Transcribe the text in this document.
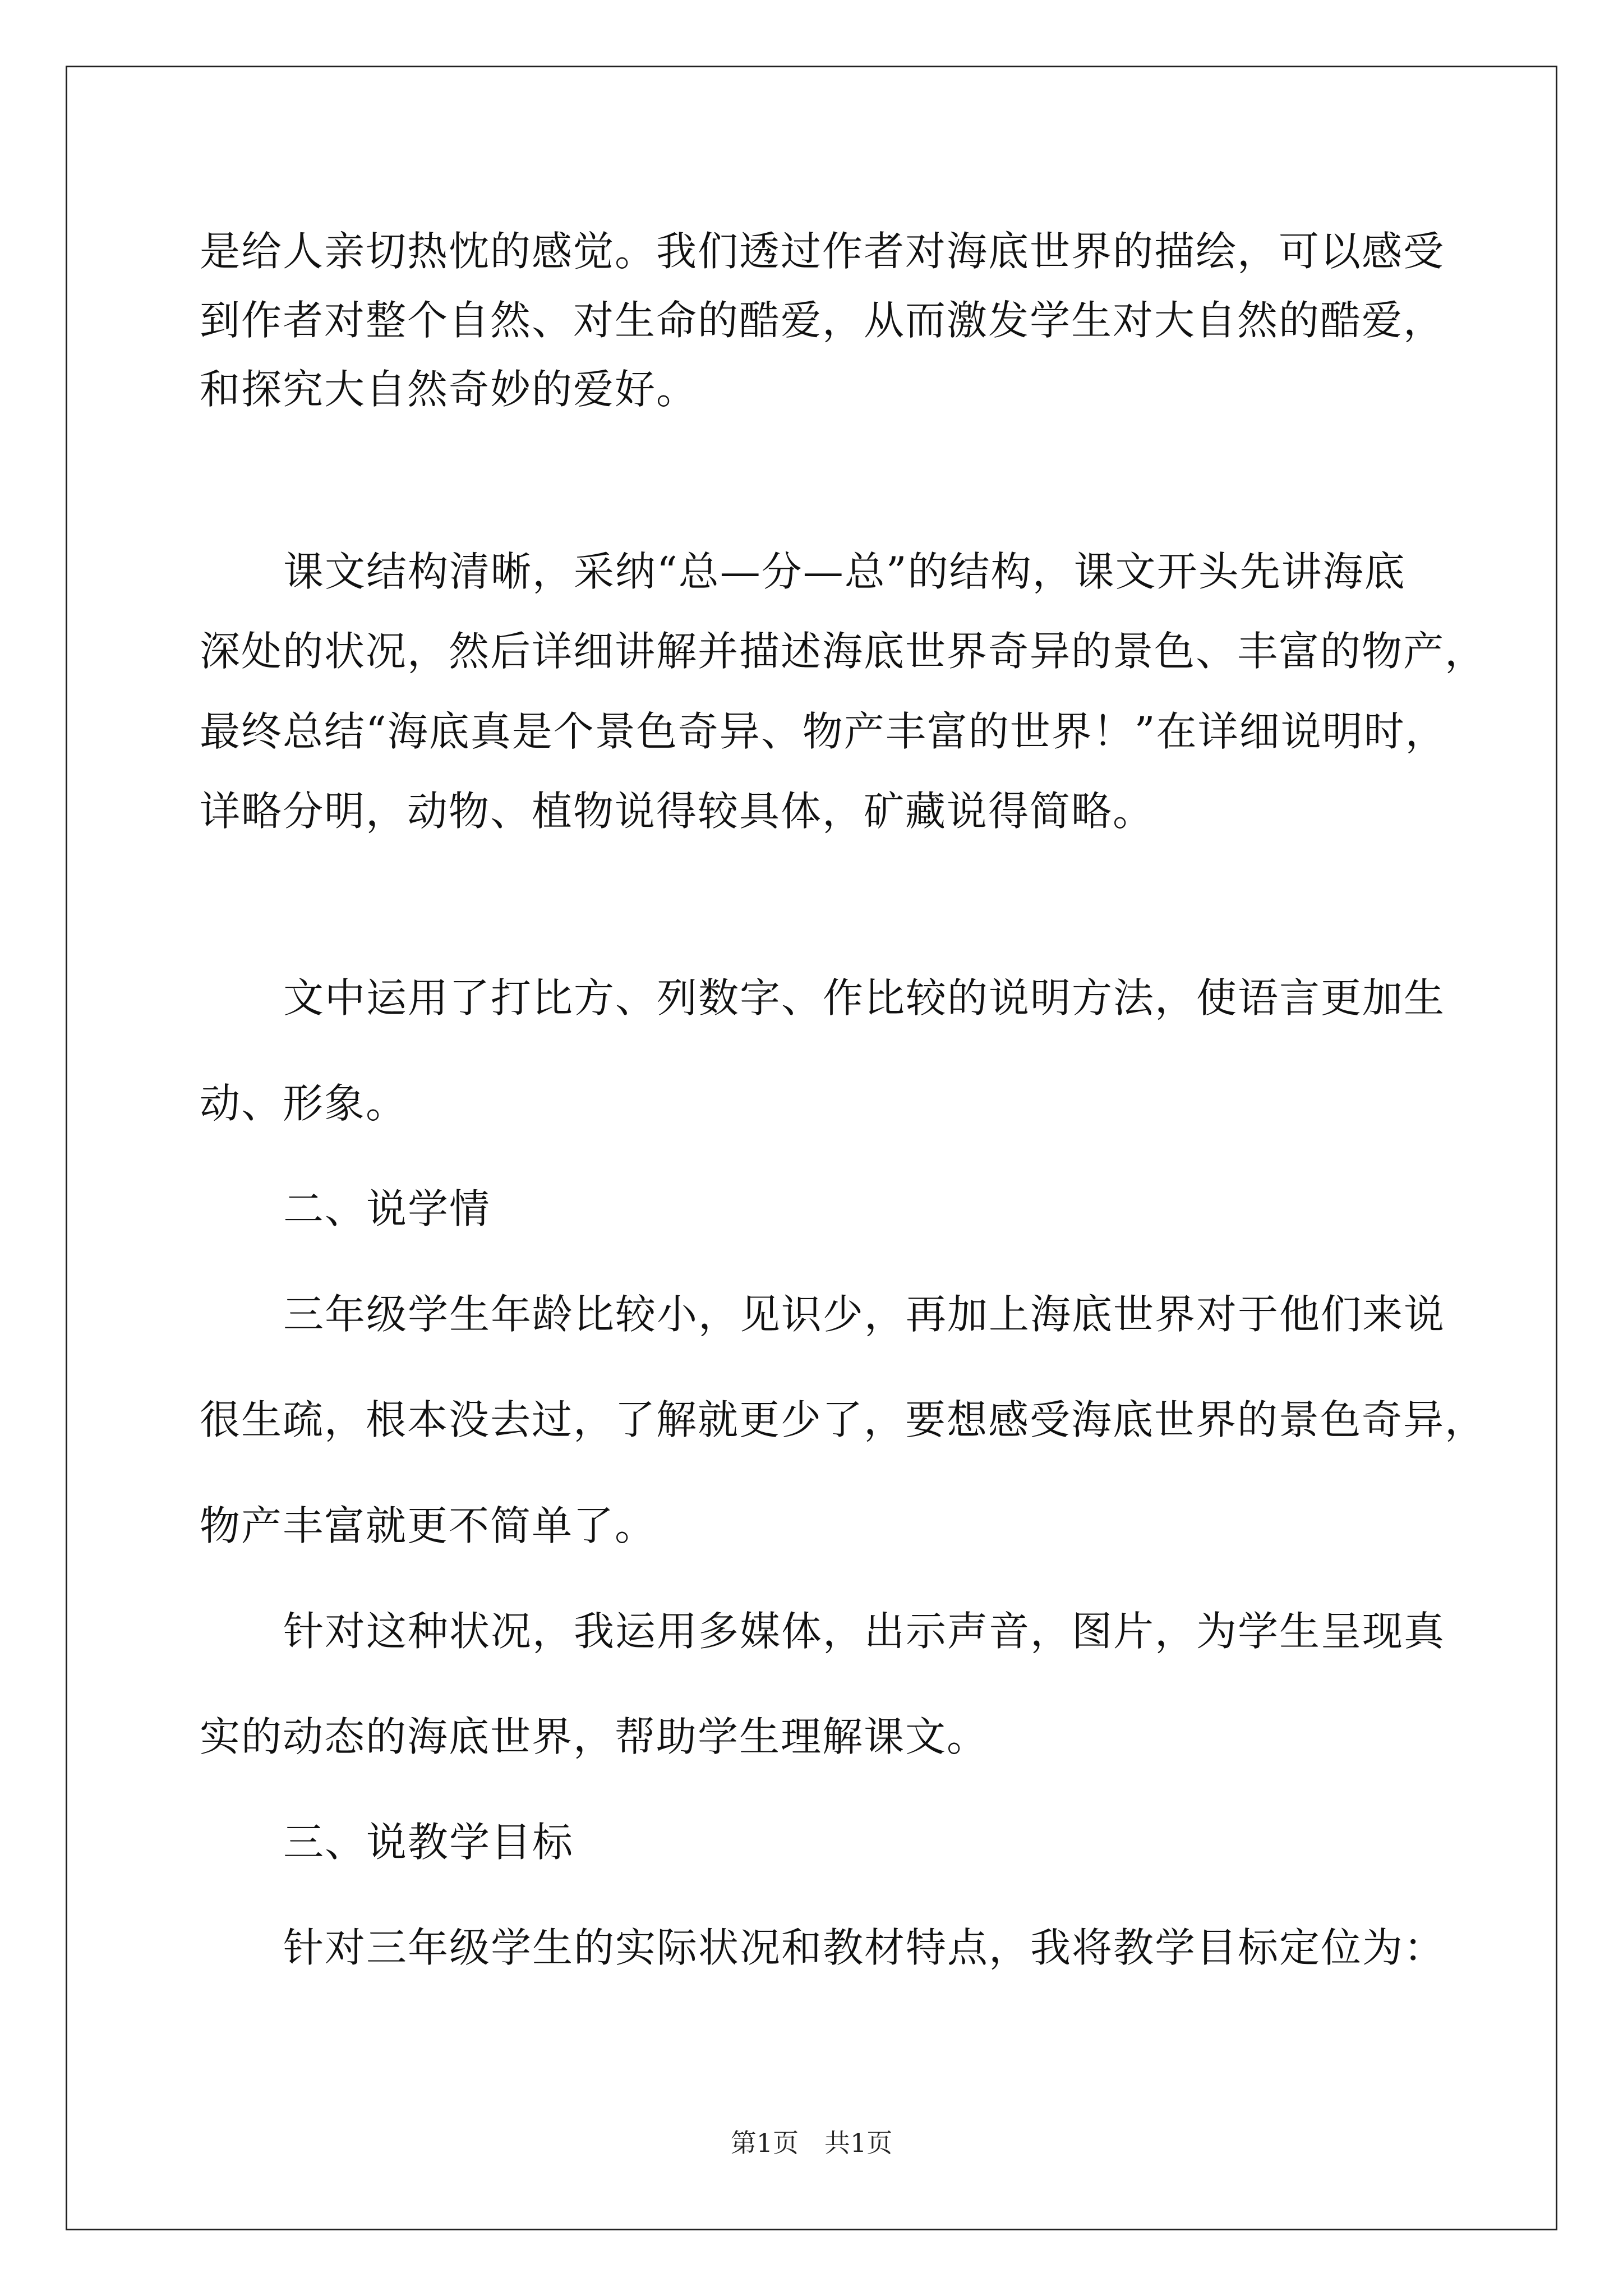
是给人亲切热忱的感觉。我们透过作者对海底世界的描绘，可以感受
到作者对整个自然、对生命的酷爱，从而激发学生对大自然的酷爱，
和探究大自然奇妙的爱好。
课文结构清晰，采纳“总—分—总”的结构，课文开头先讲海底
深处的状况，然后详细讲解并描述海底世界奇异的景色、丰富的物产，
最终总结“海底真是个景色奇异、物产丰富的世界！”在详细说明时，
详略分明，动物、植物说得较具体，矿藏说得简略。
文中运用了打比方、列数字、作比较的说明方法，使语言更加生
动、形象。
二、说学情
三年级学生年龄比较小，见识少，再加上海底世界对于他们来说
很生疏，根本没去过，了解就更少了，要想感受海底世界的景色奇异，
物产丰富就更不简单了。
针对这种状况，我运用多媒体，出示声音，图片，为学生呈现真
实的动态的海底世界，帮助学生理解课文。
三、说教学目标
针对三年级学生的实际状况和教材特点，我将教学目标定位为：
第1页　共1页
